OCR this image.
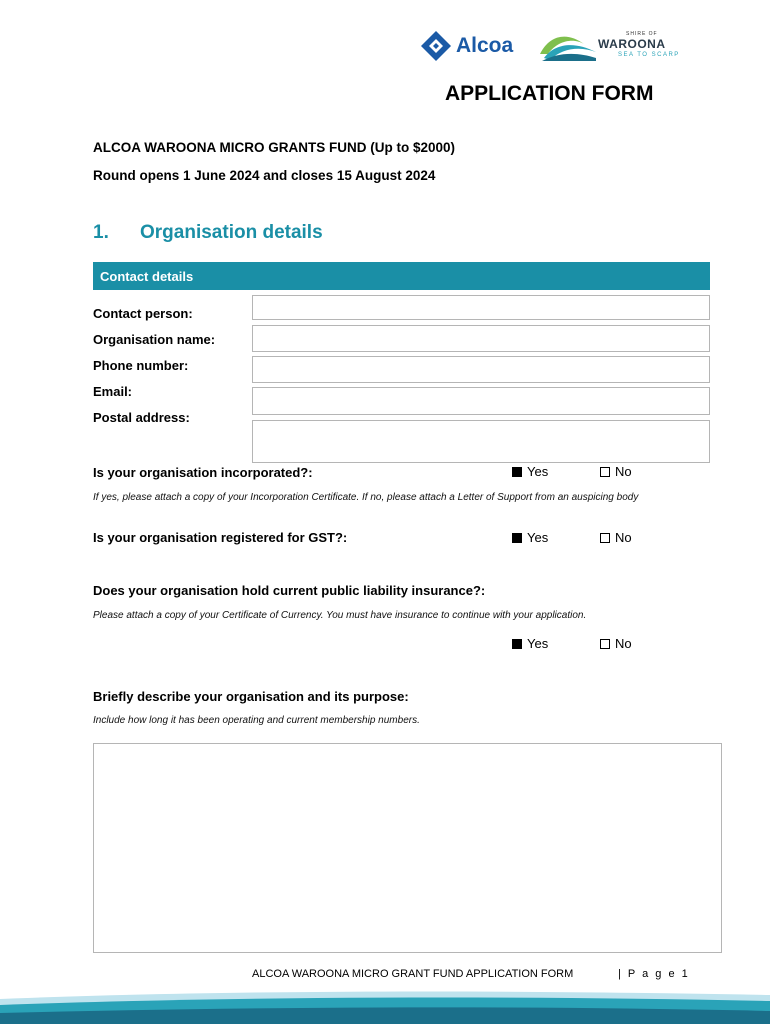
Alcoa	SHIRE OF
WAROONA
SEA TO SCARP
APPLICATION FORM
ALCOA WAROONA MICRO GRANTS FUND (Up to $2000)
Round opens 1 June 2024 and closes 15 August 2024
1. Organisation details
Contact details
Contact person:
Organisation name:
Phone number:
Email:
Postal address:
Is your organisation incorporated?:	Yes	No
If yes, please attach a copy of your Incorporation Certificate. If no, please attach a Letter of Support from an auspicing body
Is your organisation registered for GST?:	Yes	No
Does your organisation hold current public liability insurance?:
Please attach a copy of your Certificate of Currency. You must have insurance to continue with your application.
Yes	No
Briefly describe your organisation and its purpose:
Include how long it has been operating and current membership numbers.
ALCOA WAROONA MICRO GRANT FUND APPLICATION FORM	| P a g e 1
